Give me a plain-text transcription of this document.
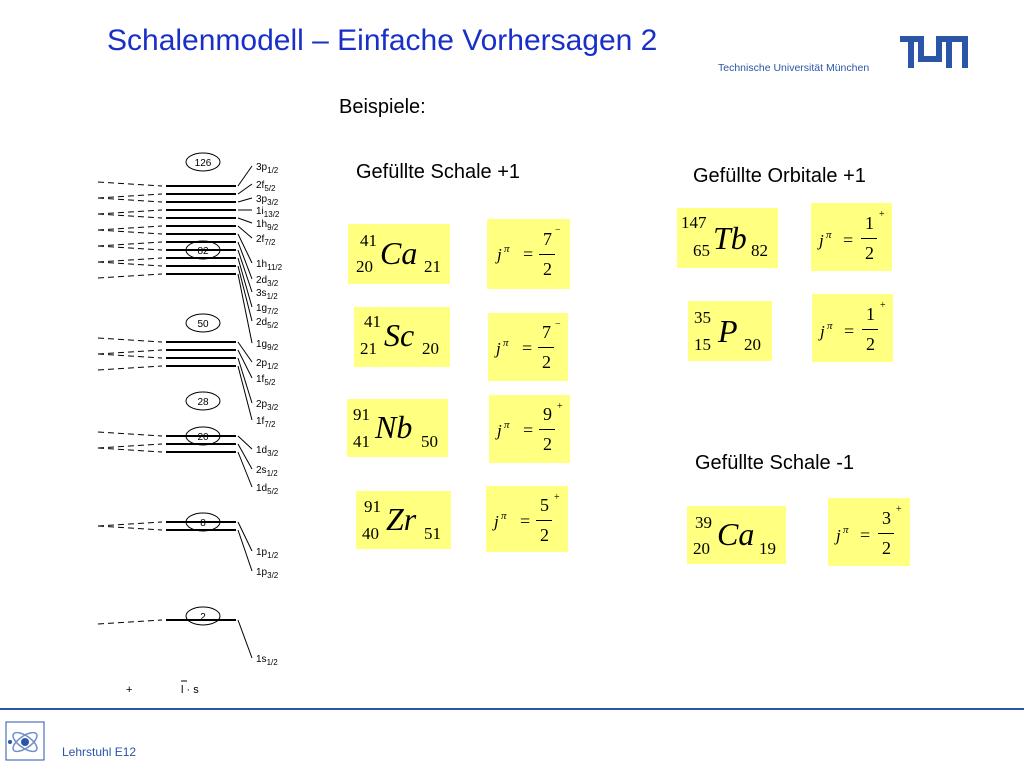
Schalenmodell – Einfache Vorhersagen 2
Technische Universität München
Beispiele:
Gefüllte Schale +1	Gefüllte Orbitale +1
Gefüllte Schale -1
41
20 Ca 21
41
21 Sc 20
91
41 Nb 50
91
40 Zr 51
147
65 Tb 82
35
15 P 20
39
20 Ca 19
j π =
7
2
−
j π =
7
2
−
j π =
9
2
+
j π =
5
2
+
j π =
1
2
+
j π =
1
2
+
j π =
3
2
+
126
82
50
28
20
8
2
$3p_{1/2}$
$2f_{5/2}$
$3p_{3/2}$
$1i_{13/2}$
$1h_{9/2}$
$2f_{7/2}$
$1h_{11/2}$
$2d_{3/2}$
$3s_{1/2}$
$1g_{7/2}$
$2d_{5/2}$
$1g_{9/2}$
$2p_{1/2}$
$1f_{5/2}$
$2p_{3/2}$
$1f_{7/2}$
$1d_{3/2}$
$2s_{1/2}$
$1d_{5/2}$
$1p_{1/2}$
$1p_{3/2}$
$1s_{1/2}$
+	l · s
Lehrstuhl E12
